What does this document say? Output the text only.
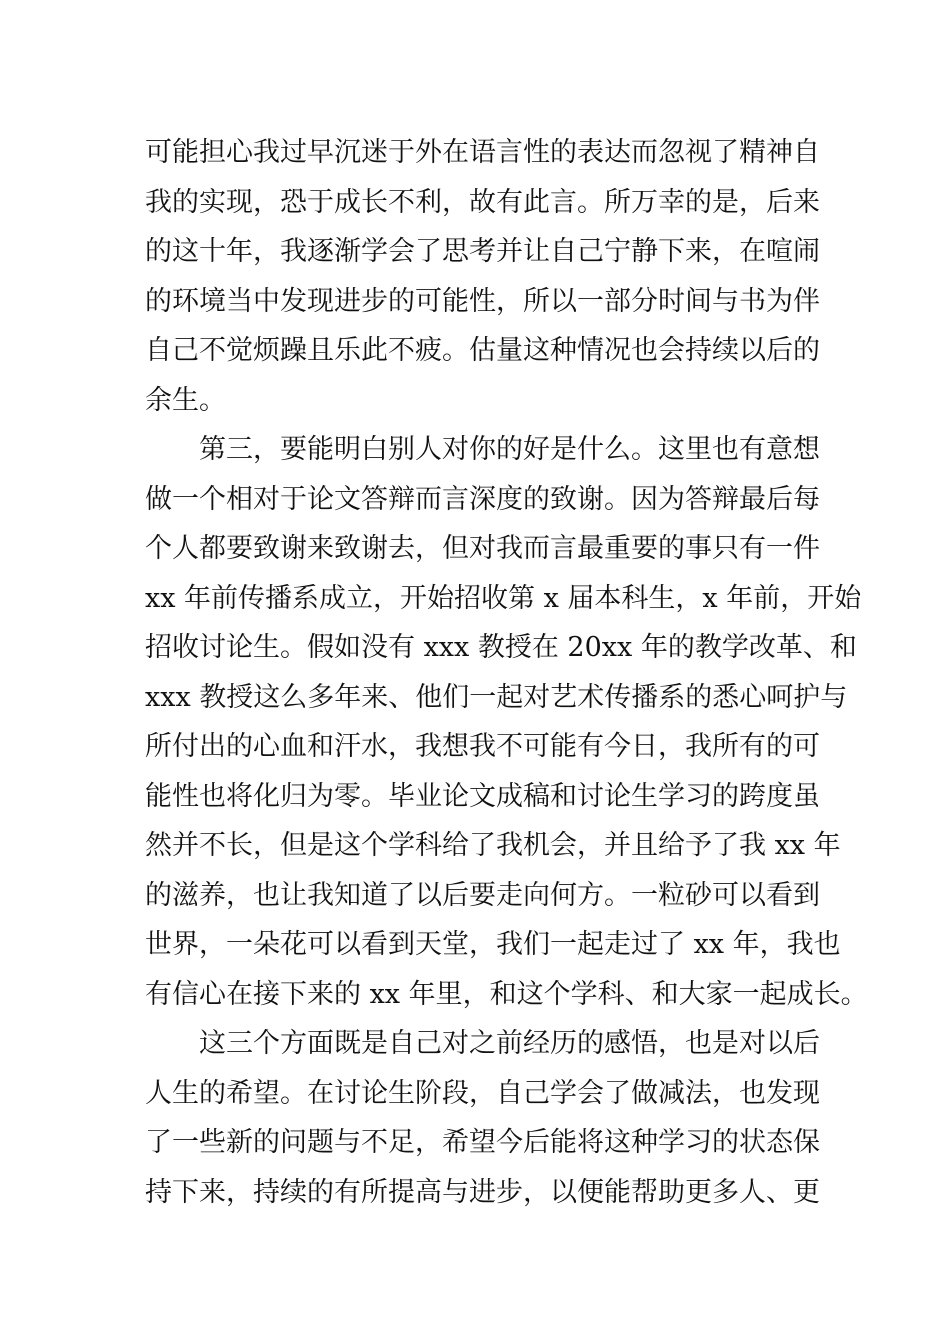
可能担心我过早沉迷于外在语言性的表达而忽视了精神自
我的实现，恐于成长不利，故有此言。所万幸的是，后来
的这十年，我逐渐学会了思考并让自己宁静下来，在喧闹
的环境当中发现进步的可能性，所以一部分时间与书为伴
自己不觉烦躁且乐此不疲。估量这种情况也会持续以后的
余生。
第三，要能明白别人对你的好是什么。这里也有意想
做一个相对于论文答辩而言深度的致谢。因为答辩最后每
个人都要致谢来致谢去，但对我而言最重要的事只有一件
xx 年前传播系成立，开始招收第 x 届本科生，x 年前，开始
招收讨论生。假如没有 xxx 教授在 20xx 年的教学改革、和
xxx 教授这么多年来、他们一起对艺术传播系的悉心呵护与
所付出的心血和汗水，我想我不可能有今日，我所有的可
能性也将化归为零。毕业论文成稿和讨论生学习的跨度虽
然并不长，但是这个学科给了我机会，并且给予了我 xx 年
的滋养，也让我知道了以后要走向何方。一粒砂可以看到
世界，一朵花可以看到天堂，我们一起走过了 xx 年，我也
有信心在接下来的 xx 年里，和这个学科、和大家一起成长。
这三个方面既是自己对之前经历的感悟，也是对以后
人生的希望。在讨论生阶段，自己学会了做减法，也发现
了一些新的问题与不足，希望今后能将这种学习的状态保
持下来，持续的有所提高与进步，以便能帮助更多人、更
